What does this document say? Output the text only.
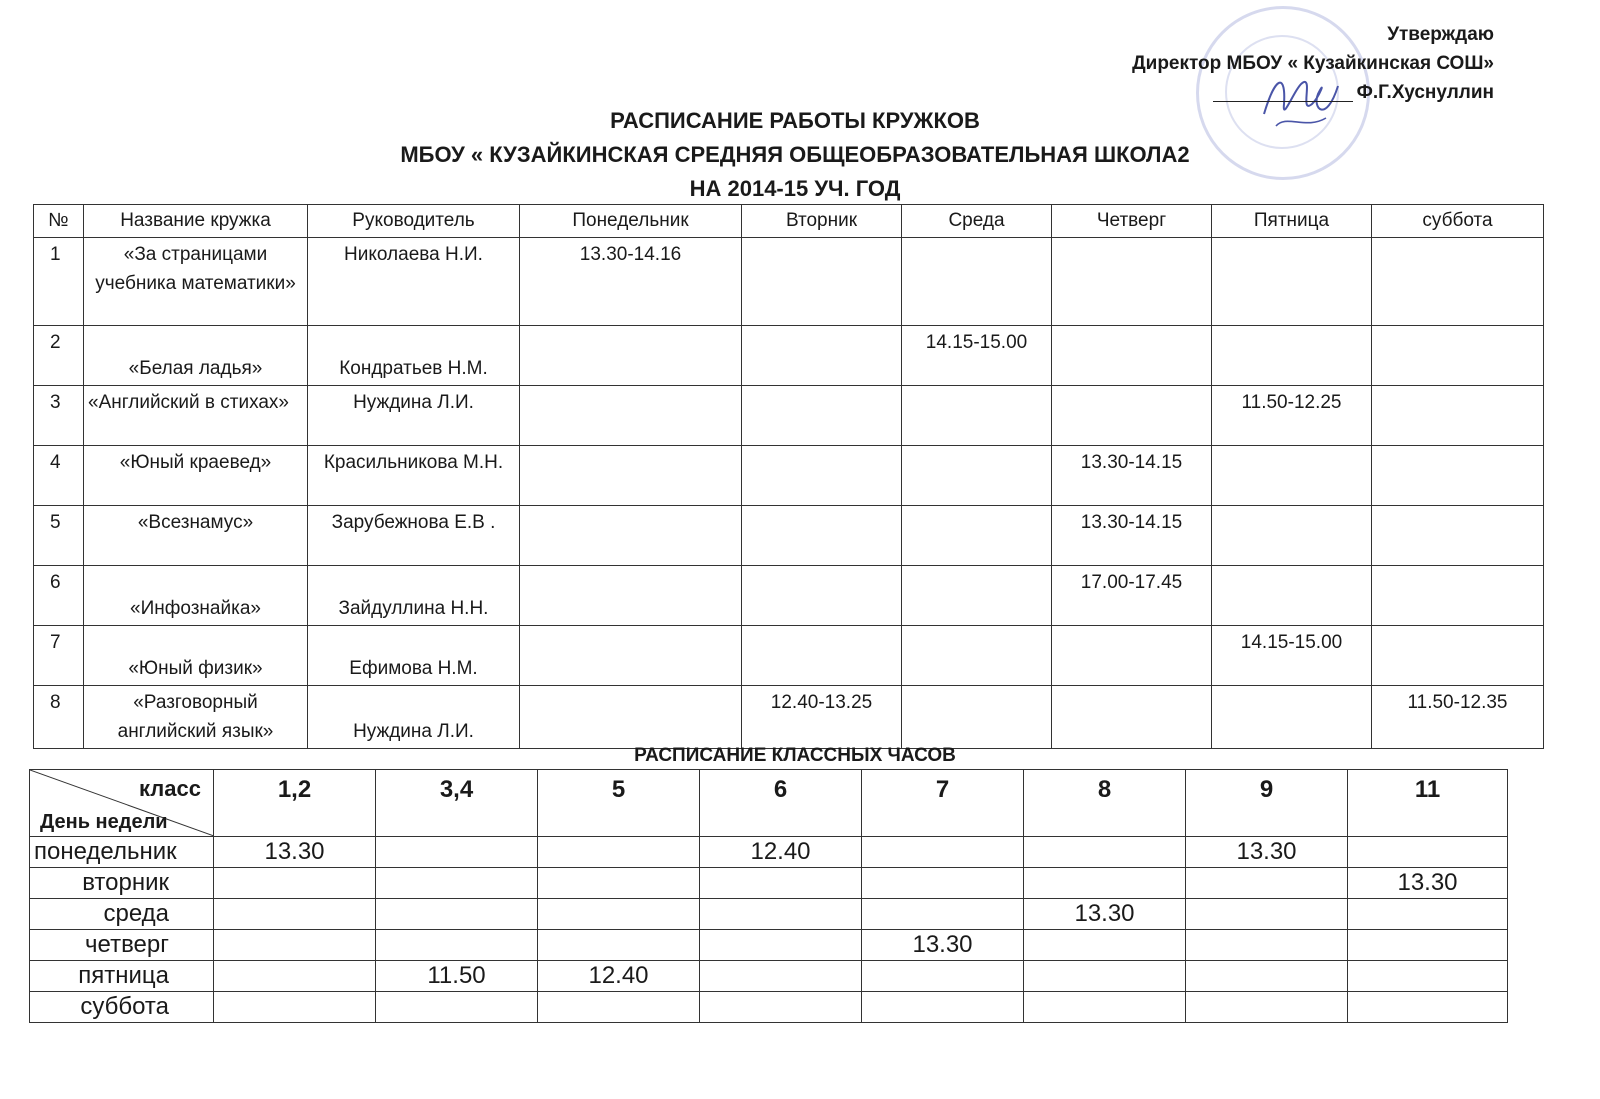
Утверждаю
Директор МБОУ « Кузайкинская СОШ»
Ф.Г.Хуснуллин
РАСПИСАНИЕ РАБОТЫ КРУЖКОВ
МБОУ « КУЗАЙКИНСКАЯ СРЕДНЯЯ ОБЩЕОБРАЗОВАТЕЛЬНАЯ ШКОЛА2
НА 2014-15 УЧ. ГОД
№	Название кружка	Руководитель	Понедельник	Вторник	Среда	Четверг	Пятница	суббота
1	«За страницами учебника математики»	Николаева Н.И.	13.30-14.16					
2	«Белая ладья»	Кондратьев Н.М.			14.15-15.00			
3	«Английский в стихах»	Нуждина Л.И.					11.50-12.25	
4	«Юный краевед»	Красильникова М.Н.				13.30-14.15		
5	«Всезнамус»	Зарубежнова Е.В .				13.30-14.15		
6	«Инфознайка»	Зайдуллина Н.Н.				17.00-17.45		
7	«Юный физик»	Ефимова Н.М.					14.15-15.00	
8	«Разговорный английский язык»	Нуждина Л.И.		12.40-13.25				11.50-12.35
РАСПИСАНИЕ КЛАССНЫХ ЧАСОВ
класс
День недели	1,2	3,4	5	6	7	8	9	11
понедельник	13.30			12.40			13.30	
вторник								13.30
среда						13.30		
четверг					13.30			
пятница		11.50	12.40					
суббота								
